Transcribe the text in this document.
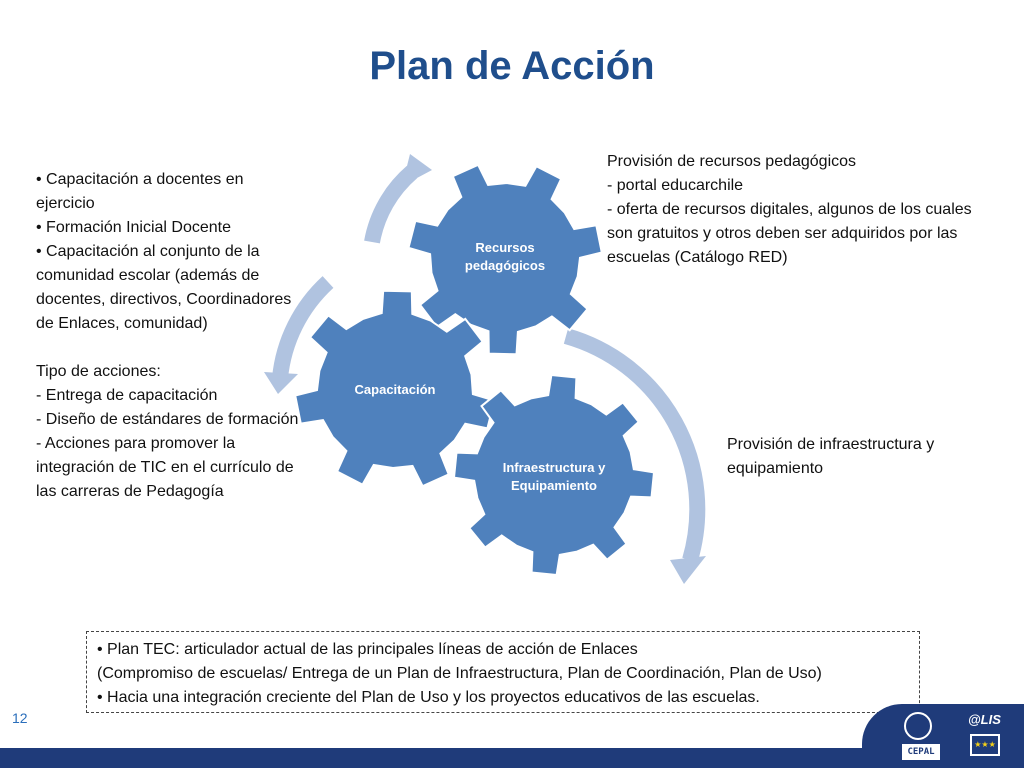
Plan de Acción
Recursos pedagógicos
Capacitación
Infraestructura y Equipamiento
• Capacitación a docentes en ejercicio
• Formación Inicial Docente
• Capacitación al conjunto de la comunidad escolar (además de docentes, directivos, Coordinadores de Enlaces, comunidad)
Tipo de acciones:
- Entrega de capacitación
- Diseño de estándares de formación
- Acciones para promover la integración de TIC en el currículo de las carreras de Pedagogía
Provisión de recursos pedagógicos
- portal educarchile
- oferta de recursos digitales, algunos de los cuales son gratuitos y otros deben ser adquiridos por las escuelas (Catálogo RED)
Provisión de infraestructura y equipamiento
• Plan TEC: articulador actual de las principales líneas de acción de Enlaces
(Compromiso de escuelas/ Entrega de un Plan de Infraestructura, Plan de Coordinación, Plan de Uso)
• Hacia una integración creciente del Plan de Uso y los proyectos educativos de las escuelas.
12
CEPAL
@LIS
★★★
